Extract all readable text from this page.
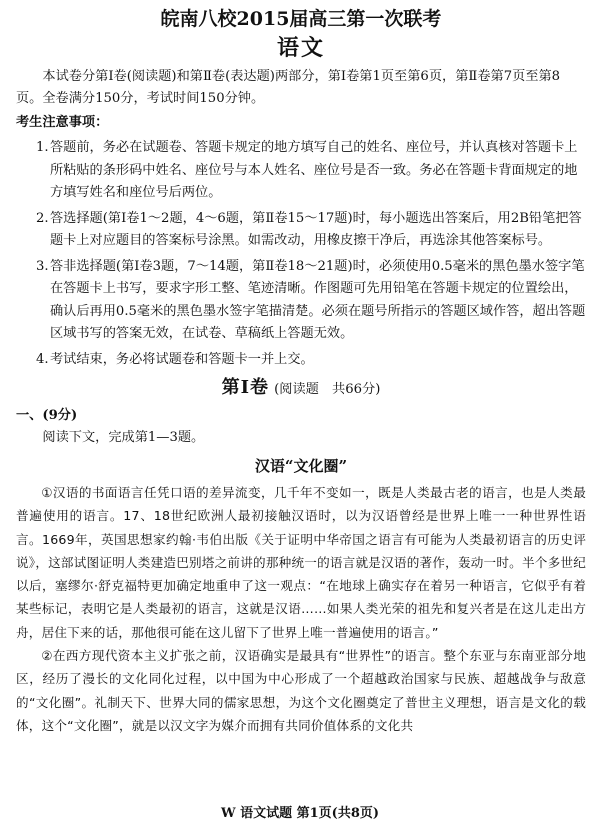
皖南八校2015届高三第一次联考
语文

本试卷分第Ⅰ卷(阅读题)和第Ⅱ卷(表达题)两部分，第Ⅰ卷第1页至第6页，第Ⅱ卷第7页至第8页。全卷满分150分，考试时间150分钟。

考生注意事项：

1. 答题前，务必在试题卷、答题卡规定的地方填写自己的姓名、座位号，并认真核对答题卡上所粘贴的条形码中姓名、座位号与本人姓名、座位号是否一致。务必在答题卡背面规定的地方填写姓名和座位号后两位。
2. 答选择题(第Ⅰ卷1～2题，4～6题，第Ⅱ卷15～17题)时，每小题选出答案后，用2B铅笔把答题卡上对应题目的答案标号涂黑。如需改动，用橡皮擦干净后，再选涂其他答案标号。
3. 答非选择题(第Ⅰ卷3题，7～14题，第Ⅱ卷18～21题)时，必须使用0.5毫米的黑色墨水签字笔在答题卡上书写，要求字形工整、笔迹清晰。作图题可先用铅笔在答题卡规定的位置绘出，确认后再用0.5毫米的黑色墨水签字笔描清楚。必须在题号所指示的答题区域作答，超出答题区域书写的答案无效，在试卷、草稿纸上答题无效。
4. 考试结束，务必将试题卷和答题卡一并上交。
第Ⅰ卷 (阅读题　共66分)

一、(9分)

阅读下文，完成第1—3题。

汉语“文化圈”

①汉语的书面语言任凭口语的差异流变，几千年不变如一，既是人类最古老的语言，也是人类最普遍使用的语言。17、18世纪欧洲人最初接触汉语时，以为汉语曾经是世界上唯一一种世界性语言。1669年，英国思想家约翰·韦伯出版《关于证明中华帝国之语言有可能为人类最初语言的历史评说》，这部试图证明人类建造巴别塔之前讲的那种统一的语言就是汉语的著作，轰动一时。半个多世纪以后，塞缪尔·舒克福特更加确定地重申了这一观点：“在地球上确实存在着另一种语言，它似乎有着某些标记，表明它是人类最初的语言，这就是汉语……如果人类光荣的祖先和复兴者是在这儿走出方舟，居住下来的话，那他很可能在这儿留下了世界上唯一普遍使用的语言。”

②在西方现代资本主义扩张之前，汉语确实是最具有“世界性”的语言。整个东亚与东南亚部分地区，经历了漫长的文化同化过程，以中国为中心形成了一个超越政治国家与民族、超越战争与敌意的“文化圈”。礼制天下、世界大同的儒家思想，为这个文化圈奠定了普世主义理想，语言是文化的载体，这个“文化圈”，就是以汉文字为媒介而拥有共同价值体系的文化共

W 语文试题 第1页(共8页)
